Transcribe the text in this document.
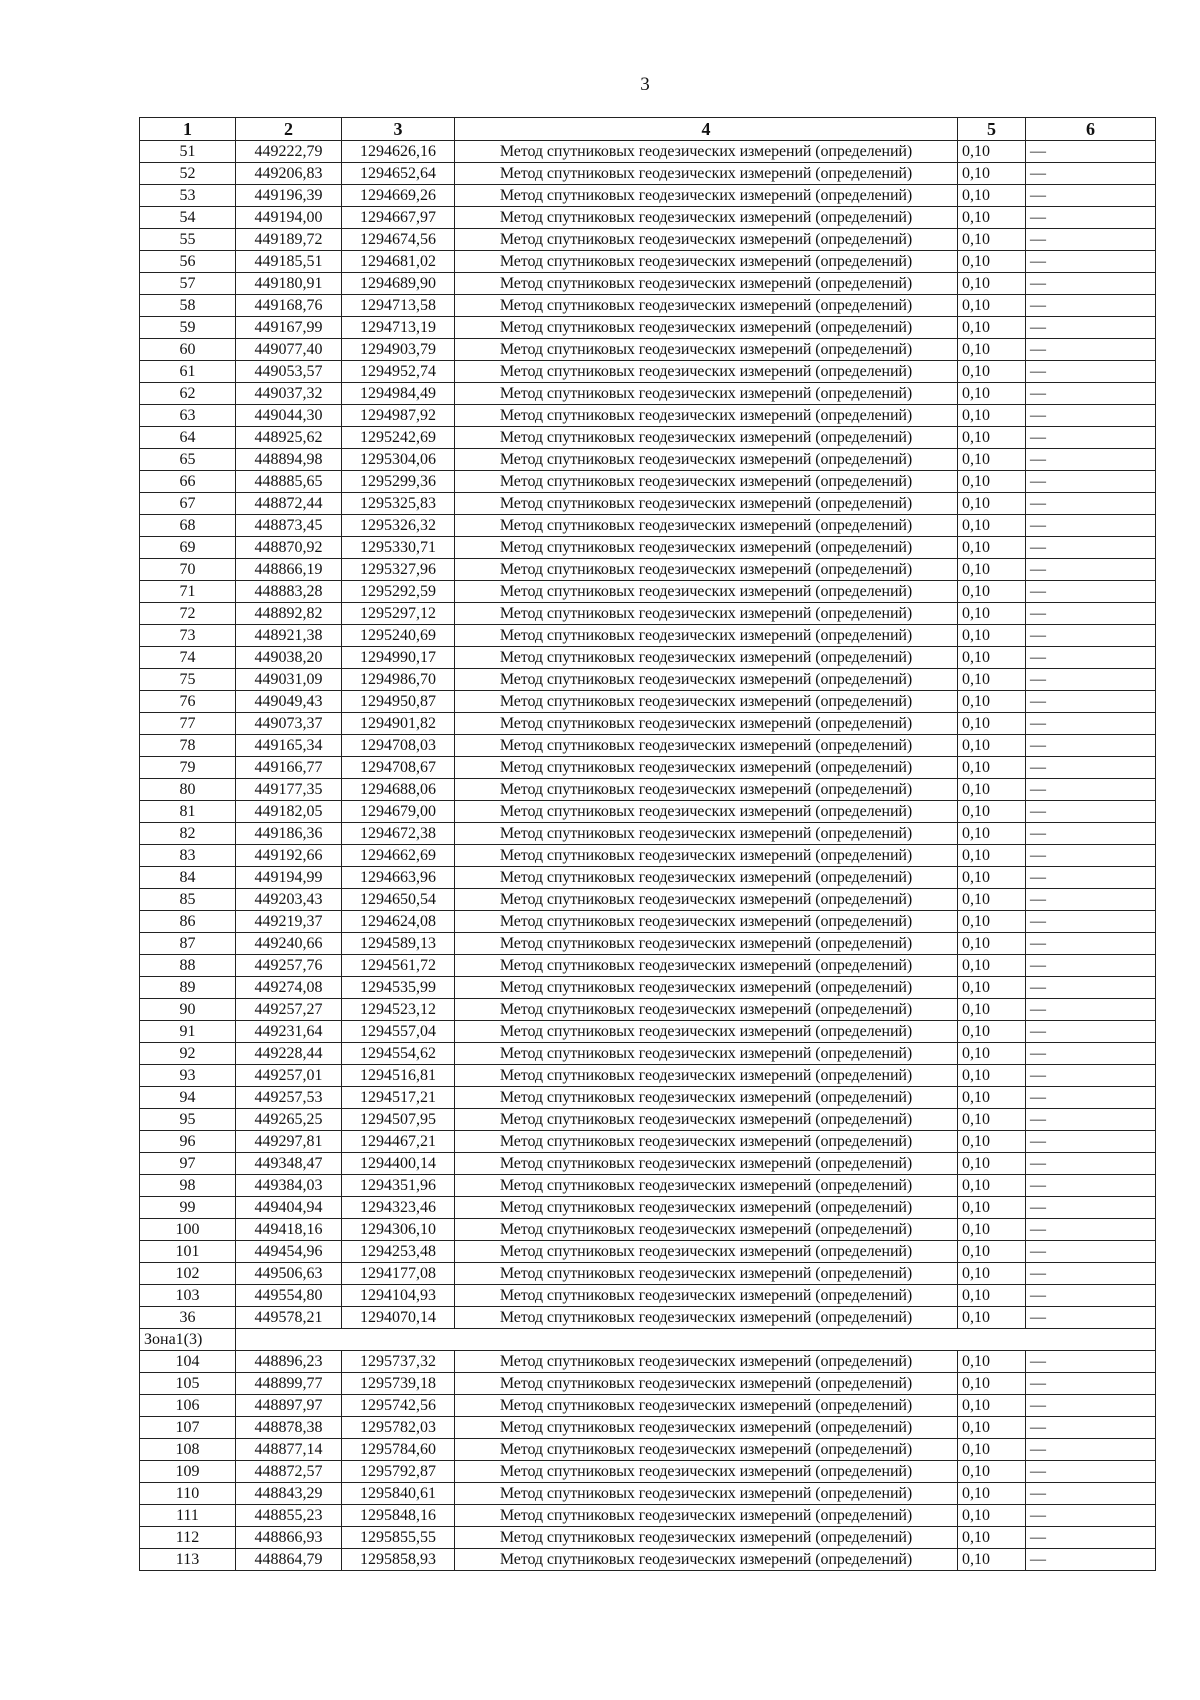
3
1	2	3	4	5	6
51	449222,79	1294626,16	Метод спутниковых геодезических измерений (определений)	0,10	—
52	449206,83	1294652,64	Метод спутниковых геодезических измерений (определений)	0,10	—
53	449196,39	1294669,26	Метод спутниковых геодезических измерений (определений)	0,10	—
54	449194,00	1294667,97	Метод спутниковых геодезических измерений (определений)	0,10	—
55	449189,72	1294674,56	Метод спутниковых геодезических измерений (определений)	0,10	—
56	449185,51	1294681,02	Метод спутниковых геодезических измерений (определений)	0,10	—
57	449180,91	1294689,90	Метод спутниковых геодезических измерений (определений)	0,10	—
58	449168,76	1294713,58	Метод спутниковых геодезических измерений (определений)	0,10	—
59	449167,99	1294713,19	Метод спутниковых геодезических измерений (определений)	0,10	—
60	449077,40	1294903,79	Метод спутниковых геодезических измерений (определений)	0,10	—
61	449053,57	1294952,74	Метод спутниковых геодезических измерений (определений)	0,10	—
62	449037,32	1294984,49	Метод спутниковых геодезических измерений (определений)	0,10	—
63	449044,30	1294987,92	Метод спутниковых геодезических измерений (определений)	0,10	—
64	448925,62	1295242,69	Метод спутниковых геодезических измерений (определений)	0,10	—
65	448894,98	1295304,06	Метод спутниковых геодезических измерений (определений)	0,10	—
66	448885,65	1295299,36	Метод спутниковых геодезических измерений (определений)	0,10	—
67	448872,44	1295325,83	Метод спутниковых геодезических измерений (определений)	0,10	—
68	448873,45	1295326,32	Метод спутниковых геодезических измерений (определений)	0,10	—
69	448870,92	1295330,71	Метод спутниковых геодезических измерений (определений)	0,10	—
70	448866,19	1295327,96	Метод спутниковых геодезических измерений (определений)	0,10	—
71	448883,28	1295292,59	Метод спутниковых геодезических измерений (определений)	0,10	—
72	448892,82	1295297,12	Метод спутниковых геодезических измерений (определений)	0,10	—
73	448921,38	1295240,69	Метод спутниковых геодезических измерений (определений)	0,10	—
74	449038,20	1294990,17	Метод спутниковых геодезических измерений (определений)	0,10	—
75	449031,09	1294986,70	Метод спутниковых геодезических измерений (определений)	0,10	—
76	449049,43	1294950,87	Метод спутниковых геодезических измерений (определений)	0,10	—
77	449073,37	1294901,82	Метод спутниковых геодезических измерений (определений)	0,10	—
78	449165,34	1294708,03	Метод спутниковых геодезических измерений (определений)	0,10	—
79	449166,77	1294708,67	Метод спутниковых геодезических измерений (определений)	0,10	—
80	449177,35	1294688,06	Метод спутниковых геодезических измерений (определений)	0,10	—
81	449182,05	1294679,00	Метод спутниковых геодезических измерений (определений)	0,10	—
82	449186,36	1294672,38	Метод спутниковых геодезических измерений (определений)	0,10	—
83	449192,66	1294662,69	Метод спутниковых геодезических измерений (определений)	0,10	—
84	449194,99	1294663,96	Метод спутниковых геодезических измерений (определений)	0,10	—
85	449203,43	1294650,54	Метод спутниковых геодезических измерений (определений)	0,10	—
86	449219,37	1294624,08	Метод спутниковых геодезических измерений (определений)	0,10	—
87	449240,66	1294589,13	Метод спутниковых геодезических измерений (определений)	0,10	—
88	449257,76	1294561,72	Метод спутниковых геодезических измерений (определений)	0,10	—
89	449274,08	1294535,99	Метод спутниковых геодезических измерений (определений)	0,10	—
90	449257,27	1294523,12	Метод спутниковых геодезических измерений (определений)	0,10	—
91	449231,64	1294557,04	Метод спутниковых геодезических измерений (определений)	0,10	—
92	449228,44	1294554,62	Метод спутниковых геодезических измерений (определений)	0,10	—
93	449257,01	1294516,81	Метод спутниковых геодезических измерений (определений)	0,10	—
94	449257,53	1294517,21	Метод спутниковых геодезических измерений (определений)	0,10	—
95	449265,25	1294507,95	Метод спутниковых геодезических измерений (определений)	0,10	—
96	449297,81	1294467,21	Метод спутниковых геодезических измерений (определений)	0,10	—
97	449348,47	1294400,14	Метод спутниковых геодезических измерений (определений)	0,10	—
98	449384,03	1294351,96	Метод спутниковых геодезических измерений (определений)	0,10	—
99	449404,94	1294323,46	Метод спутниковых геодезических измерений (определений)	0,10	—
100	449418,16	1294306,10	Метод спутниковых геодезических измерений (определений)	0,10	—
101	449454,96	1294253,48	Метод спутниковых геодезических измерений (определений)	0,10	—
102	449506,63	1294177,08	Метод спутниковых геодезических измерений (определений)	0,10	—
103	449554,80	1294104,93	Метод спутниковых геодезических измерений (определений)	0,10	—
36	449578,21	1294070,14	Метод спутниковых геодезических измерений (определений)	0,10	—
Зона1(3)					
104	448896,23	1295737,32	Метод спутниковых геодезических измерений (определений)	0,10	—
105	448899,77	1295739,18	Метод спутниковых геодезических измерений (определений)	0,10	—
106	448897,97	1295742,56	Метод спутниковых геодезических измерений (определений)	0,10	—
107	448878,38	1295782,03	Метод спутниковых геодезических измерений (определений)	0,10	—
108	448877,14	1295784,60	Метод спутниковых геодезических измерений (определений)	0,10	—
109	448872,57	1295792,87	Метод спутниковых геодезических измерений (определений)	0,10	—
110	448843,29	1295840,61	Метод спутниковых геодезических измерений (определений)	0,10	—
111	448855,23	1295848,16	Метод спутниковых геодезических измерений (определений)	0,10	—
112	448866,93	1295855,55	Метод спутниковых геодезических измерений (определений)	0,10	—
113	448864,79	1295858,93	Метод спутниковых геодезических измерений (определений)	0,10	—
